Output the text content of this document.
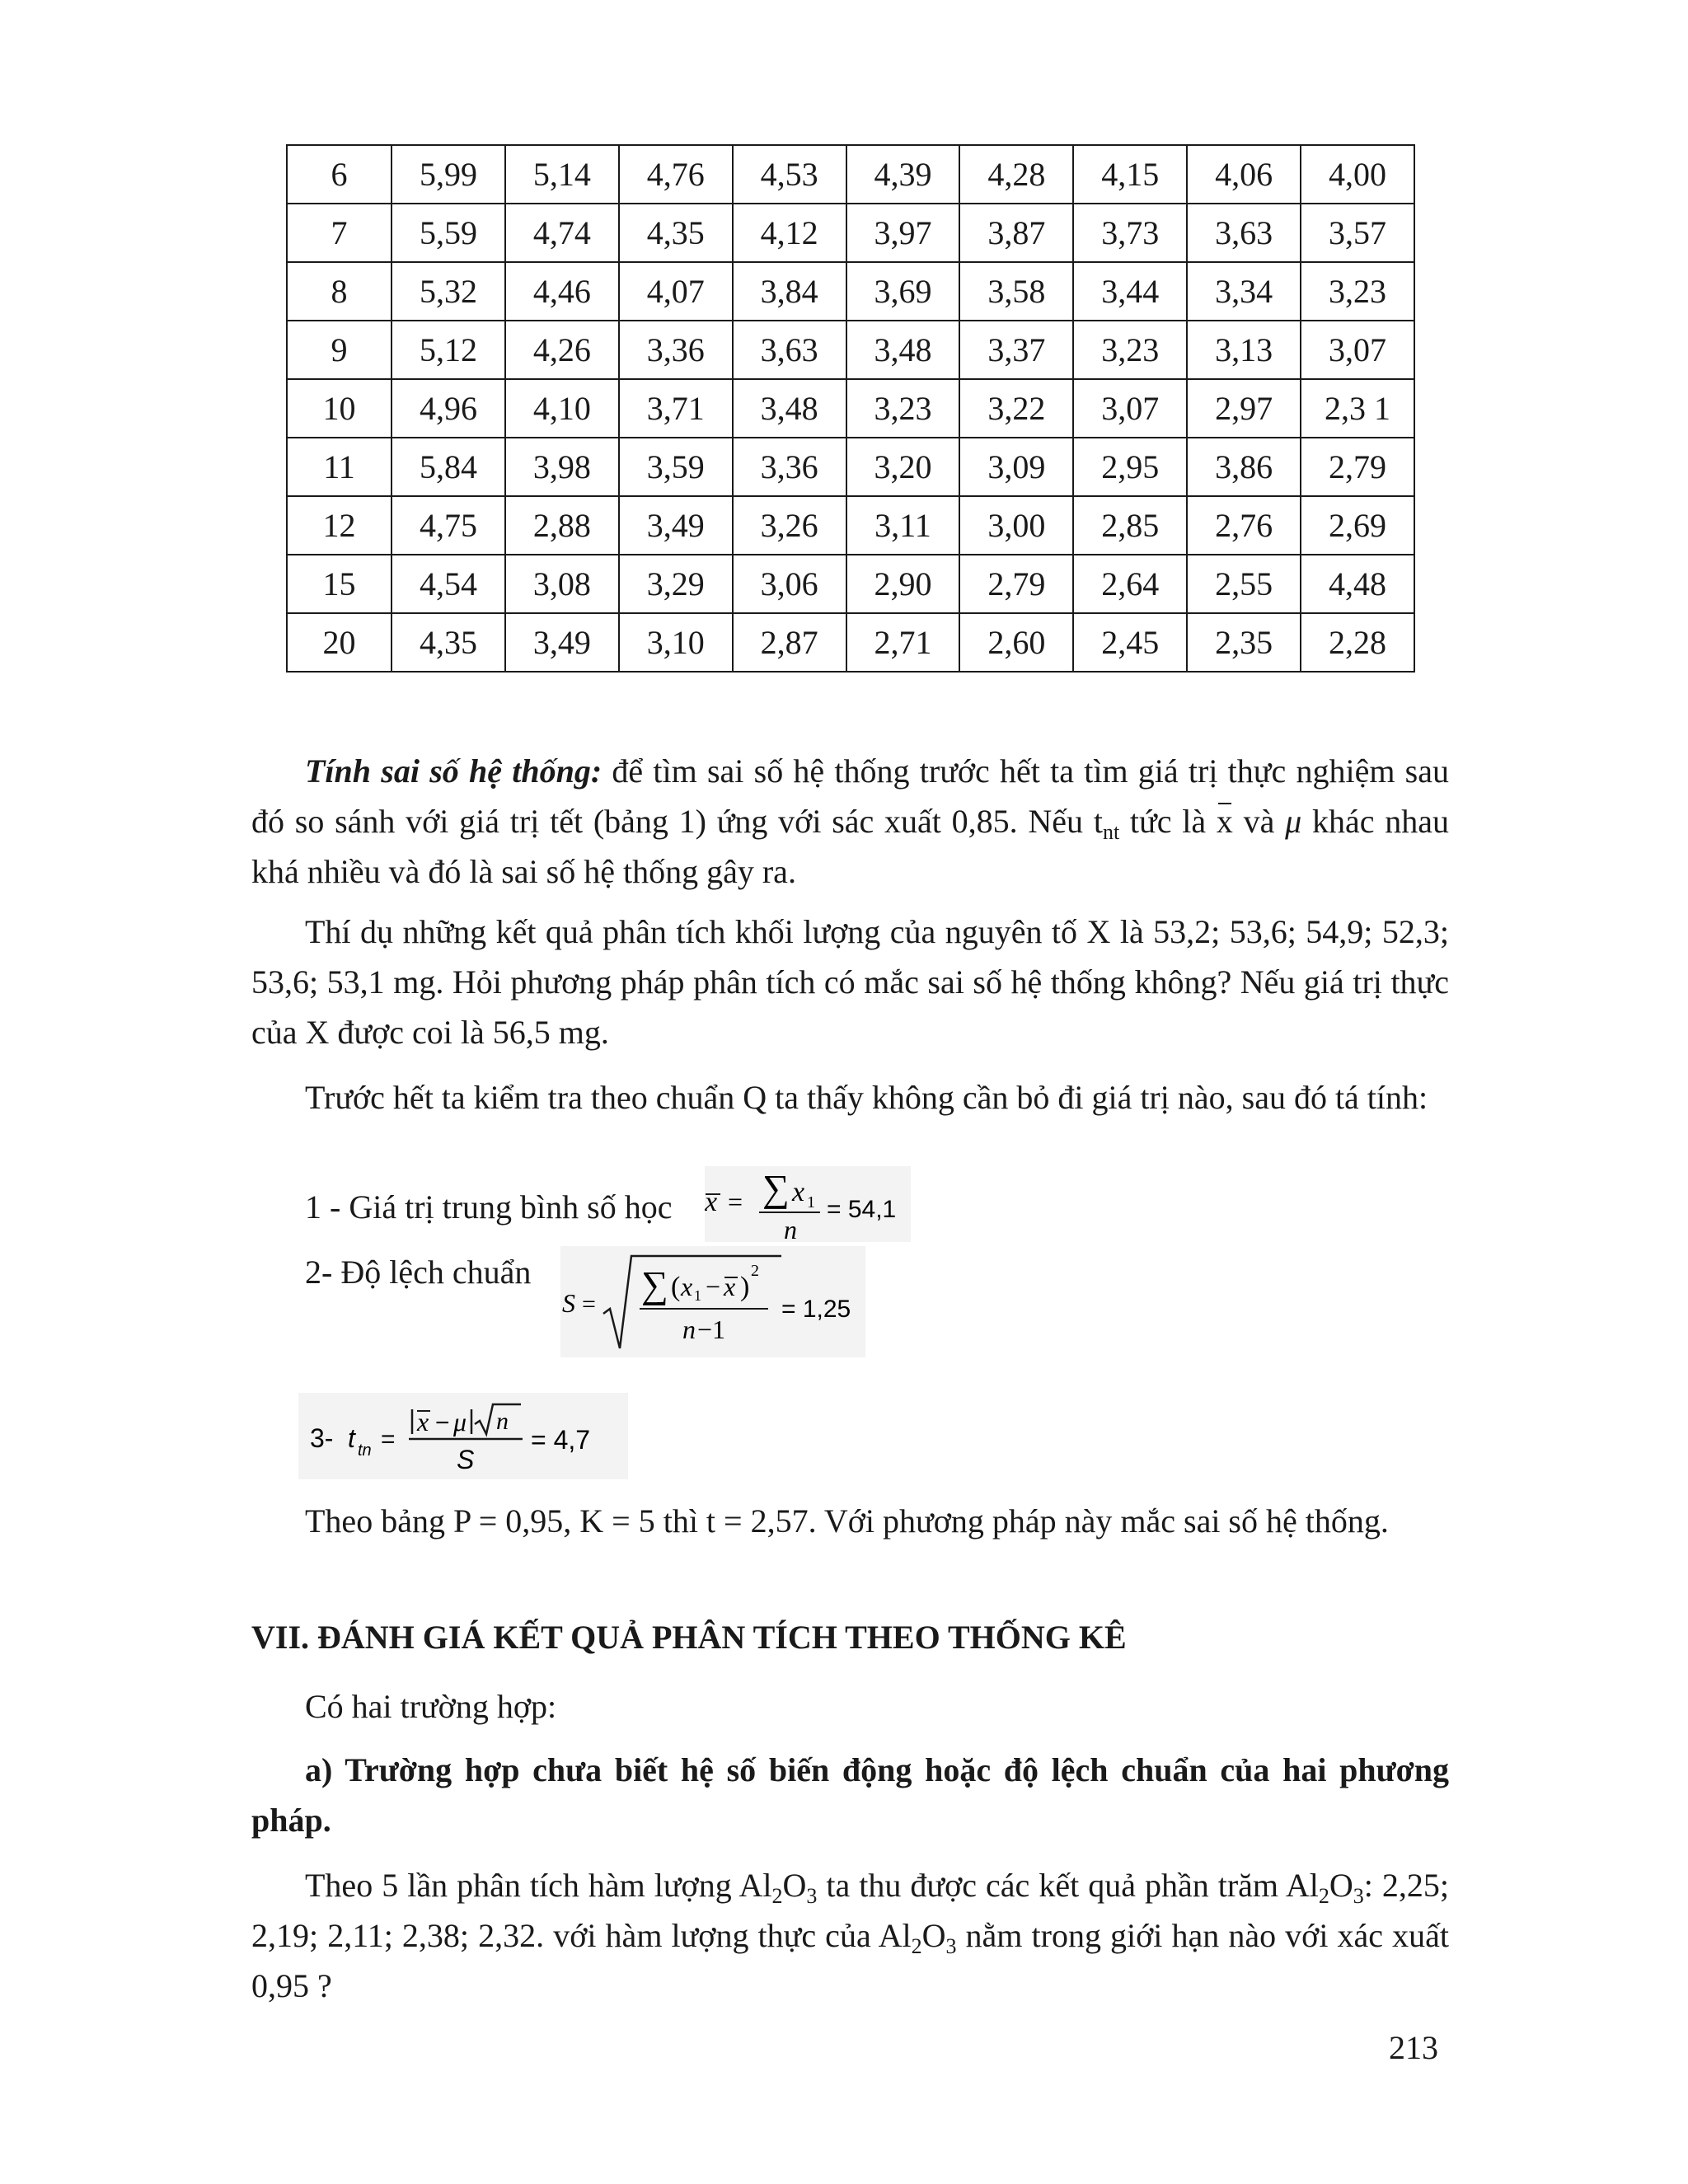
6	5,99	5,14	4,76	4,53	4,39	4,28	4,15	4,06	4,00
7	5,59	4,74	4,35	4,12	3,97	3,87	3,73	3,63	3,57
8	5,32	4,46	4,07	3,84	3,69	3,58	3,44	3,34	3,23
9	5,12	4,26	3,36	3,63	3,48	3,37	3,23	3,13	3,07
10	4,96	4,10	3,71	3,48	3,23	3,22	3,07	2,97	2,3 1
11	5,84	3,98	3,59	3,36	3,20	3,09	2,95	3,86	2,79
12	4,75	2,88	3,49	3,26	3,11	3,00	2,85	2,76	2,69
15	4,54	3,08	3,29	3,06	2,90	2,79	2,64	2,55	4,48
20	4,35	3,49	3,10	2,87	2,71	2,60	2,45	2,35	2,28

Tính sai số hệ thống: để tìm sai số hệ thống trước hết ta tìm giá trị thực nghiệm sau đó so sánh với giá trị tết (bảng 1) ứng với sác xuất 0,85. Nếu $t_{nt}$ tức là x và μ khác nhau khá nhiều và đó là sai số hệ thống gây ra.

Thí dụ những kết quả phân tích khối lượng của nguyên tố X là 53,2; 53,6; 54,9; 52,3; 53,6; 53,1 mg. Hỏi phương pháp phân tích có mắc sai số hệ thống không? Nếu giá trị thực của X được coi là 56,5 mg.

Trước hết ta kiểm tra theo chuẩn Q ta thấy không cần bỏ đi giá trị nào, sau đó tá tính:

1 - Giá trị trung bình số học x = ∑ x 1
n
= 54,1
2- Độ lệch chuẩn
S = ∑ ( x 1 − x )
2
n −1
= 1,25
3- t tn =
x − μ n
S
= 4,7

Theo bảng P = 0,95, K = 5 thì t = 2,57. Với phương pháp này mắc sai số hệ thống.

VII. ĐÁNH GIÁ KẾT QUẢ PHÂN TÍCH THEO THỐNG KÊ

Có hai trường hợp:

a) Trường hợp chưa biết hệ số biến động hoặc độ lệch chuẩn của hai phương pháp.

Theo 5 lần phân tích hàm lượng $Al_2O_3$ ta thu được các kết quả phần trăm $Al_2O_3$: 2,25; 2,19; 2,11; 2,38; 2,32. với hàm lượng thực của $Al_2O_3$ nằm trong giới hạn nào với xác xuất 0,95 ?

213
